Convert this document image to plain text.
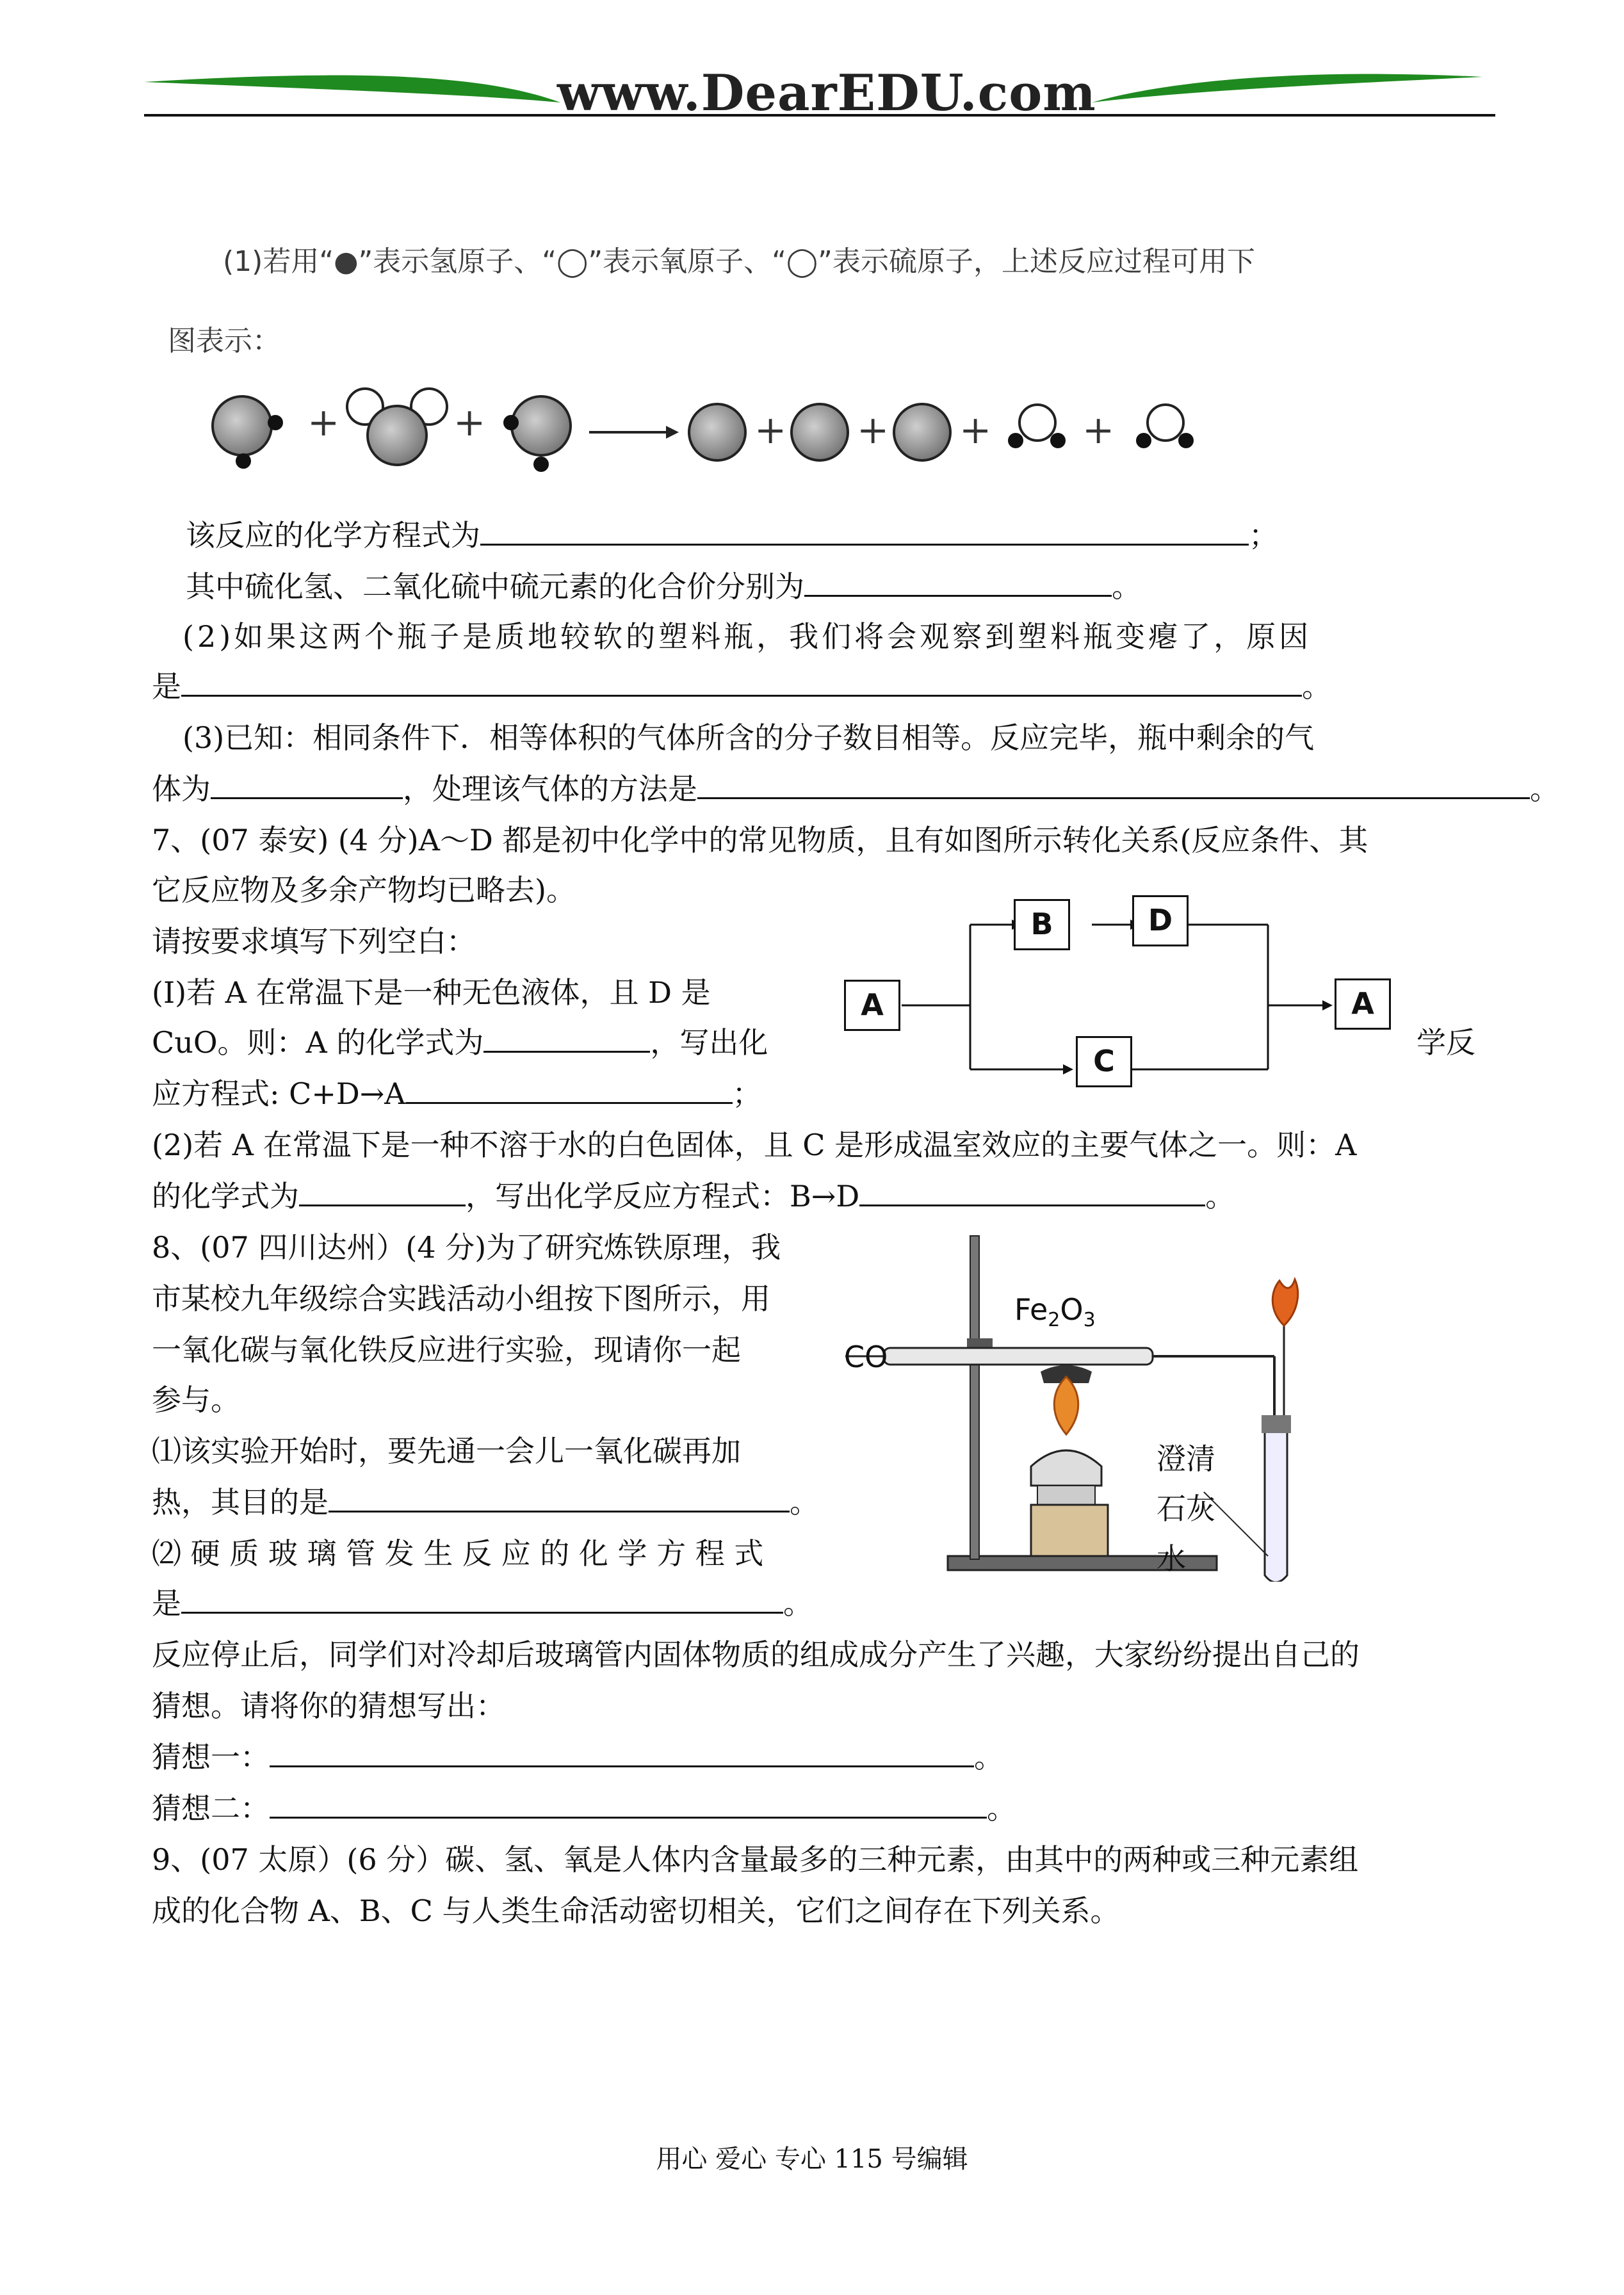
www.DearEDU.com
(1)若用“●”表示氢原子、“◯”表示氧原子、“◯”表示硫原子，上述反应过程可用下
图表示：
+	+	+ + + +
该反应的化学方程式为	；
其中硫化氢、二氧化硫中硫元素的化合价分别为	。
(2)如果这两个瓶子是质地较软的塑料瓶，我们将会观察到塑料瓶变瘪了，原因
是	。
(3)已知：相同条件下．相等体积的气体所含的分子数目相等。反应完毕，瓶中剩余的气
体为	，处理该气体的方法是	。
7、(07 泰安) (4 分)A～D 都是初中化学中的常见物质，且有如图所示转化关系(反应条件、其
它反应物及多余产物均已略去)。
请按要求填写下列空白：
(I)若 A 在常温下是一种无色液体，且 D 是
CuO。则：A 的化学式为	，写出化	学反
应方程式: C+D→A	；
(2)若 A 在常温下是一种不溶于水的白色固体，且 C 是形成温室效应的主要气体之一。则：A
的化学式为	，写出化学反应方程式：B→D	。
A
B	D
C
A
8、(07 四川达州）(4 分)为了研究炼铁原理，我
市某校九年级综合实践活动小组按下图所示，用
一氧化碳与氧化铁反应进行实验，现请你一起
参与。
⑴该实验开始时，要先通一会儿一氧化碳再加
热，其目的是	。
⑵ 硬 质 玻 璃 管 发 生 反 应 的 化 学 方 程 式
是	。
反应停止后，同学们对冷却后玻璃管内固体物质的组成成分产生了兴趣，大家纷纷提出自己的
猜想。请将你的猜想写出：
猜想一：	。
猜想二：	。
$Fe_2O_3$
CO
澄清
石灰
水
9、(07 太原）(6 分）碳、氢、氧是人体内含量最多的三种元素，由其中的两种或三种元素组
成的化合物 A、B、C 与人类生命活动密切相关，它们之间存在下列关系。
用心 爱心 专心 115 号编辑
